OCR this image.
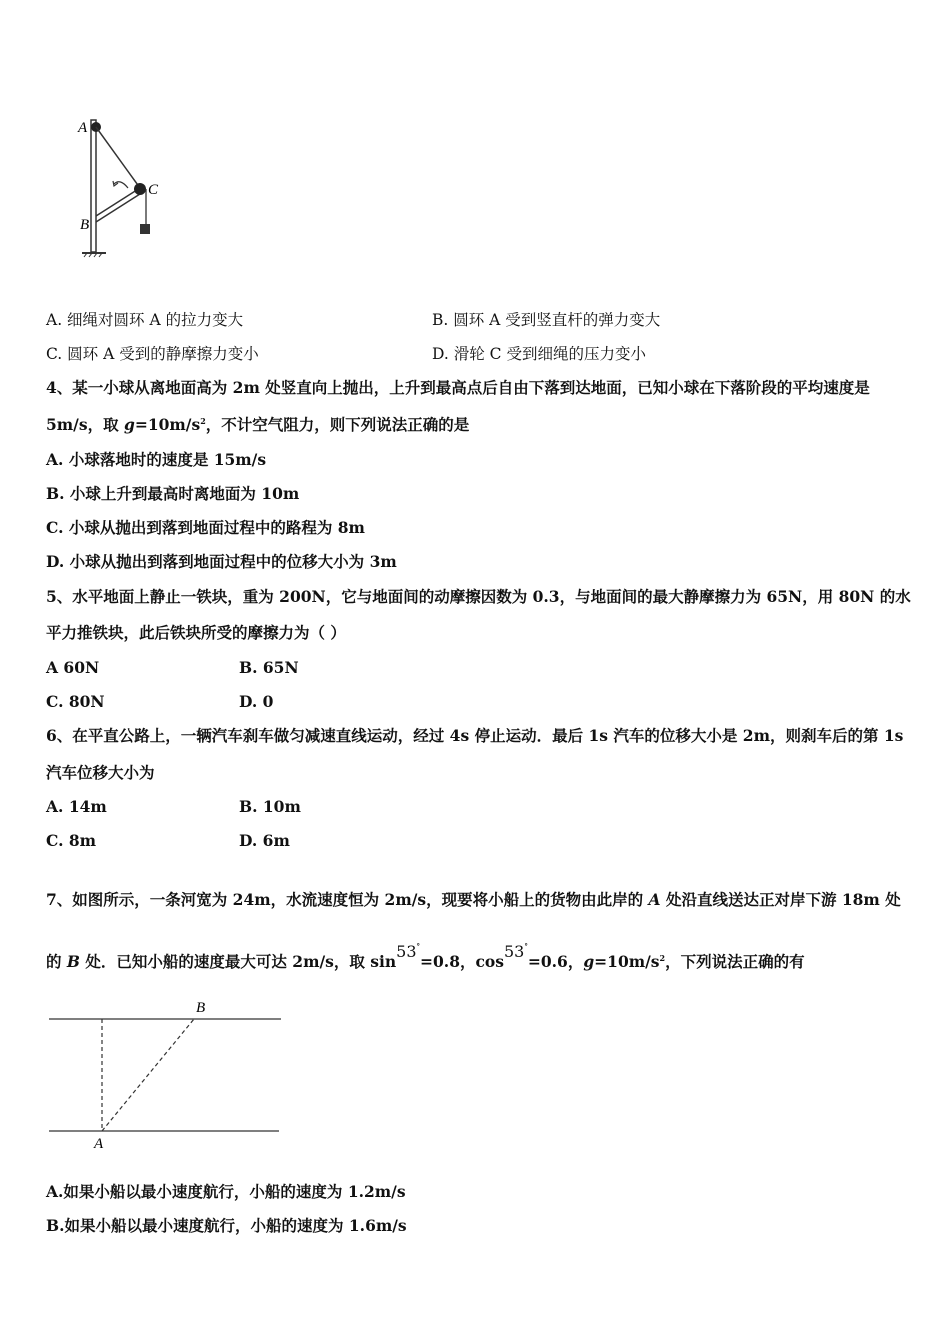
A
B
C
A. 细绳对圆环 A 的拉力变大	B. 圆环 A 受到竖直杆的弹力变大
C. 圆环 A 受到的静摩擦力变小	D. 滑轮 C 受到细绳的压力变小
4、某一小球从离地面高为 2m 处竖直向上抛出，上升到最高点后自由下落到达地面，已知小球在下落阶段的平均速度是
5m/s，取 $g=10m/s^2$，不计空气阻力，则下列说法正确的是
A. 小球落地时的速度是 15m/s
B. 小球上升到最高时离地面为 10m
C. 小球从抛出到落到地面过程中的路程为 8m
D. 小球从抛出到落到地面过程中的位移大小为 3m
5、水平地面上静止一铁块，重为 200N，它与地面间的动摩擦因数为 0.3，与地面间的最大静摩擦力为 65N，用 80N 的水
平力推铁块，此后铁块所受的摩擦力为（ ）
A 60N	B. 65N
C. 80N	D. 0
6、在平直公路上，一辆汽车刹车做匀减速直线运动，经过 4s 停止运动．最后 1s 汽车的位移大小是 2m，则刹车后的第 1s
汽车位移大小为
A. 14m	B. 10m
C. 8m	D. 6m
7、如图所示，一条河宽为 24m，水流速度恒为 2m/s，现要将小船上的货物由此岸的 A 处沿直线送达正对岸下游 18m 处
的 B 处．已知小船的速度最大可达 2m/s，取 sin53°=0.8，cos53°=0.6，$g=10m/s^2$，下列说法正确的有
B
A
A.如果小船以最小速度航行，小船的速度为 1.2m/s
B.如果小船以最小速度航行，小船的速度为 1.6m/s
